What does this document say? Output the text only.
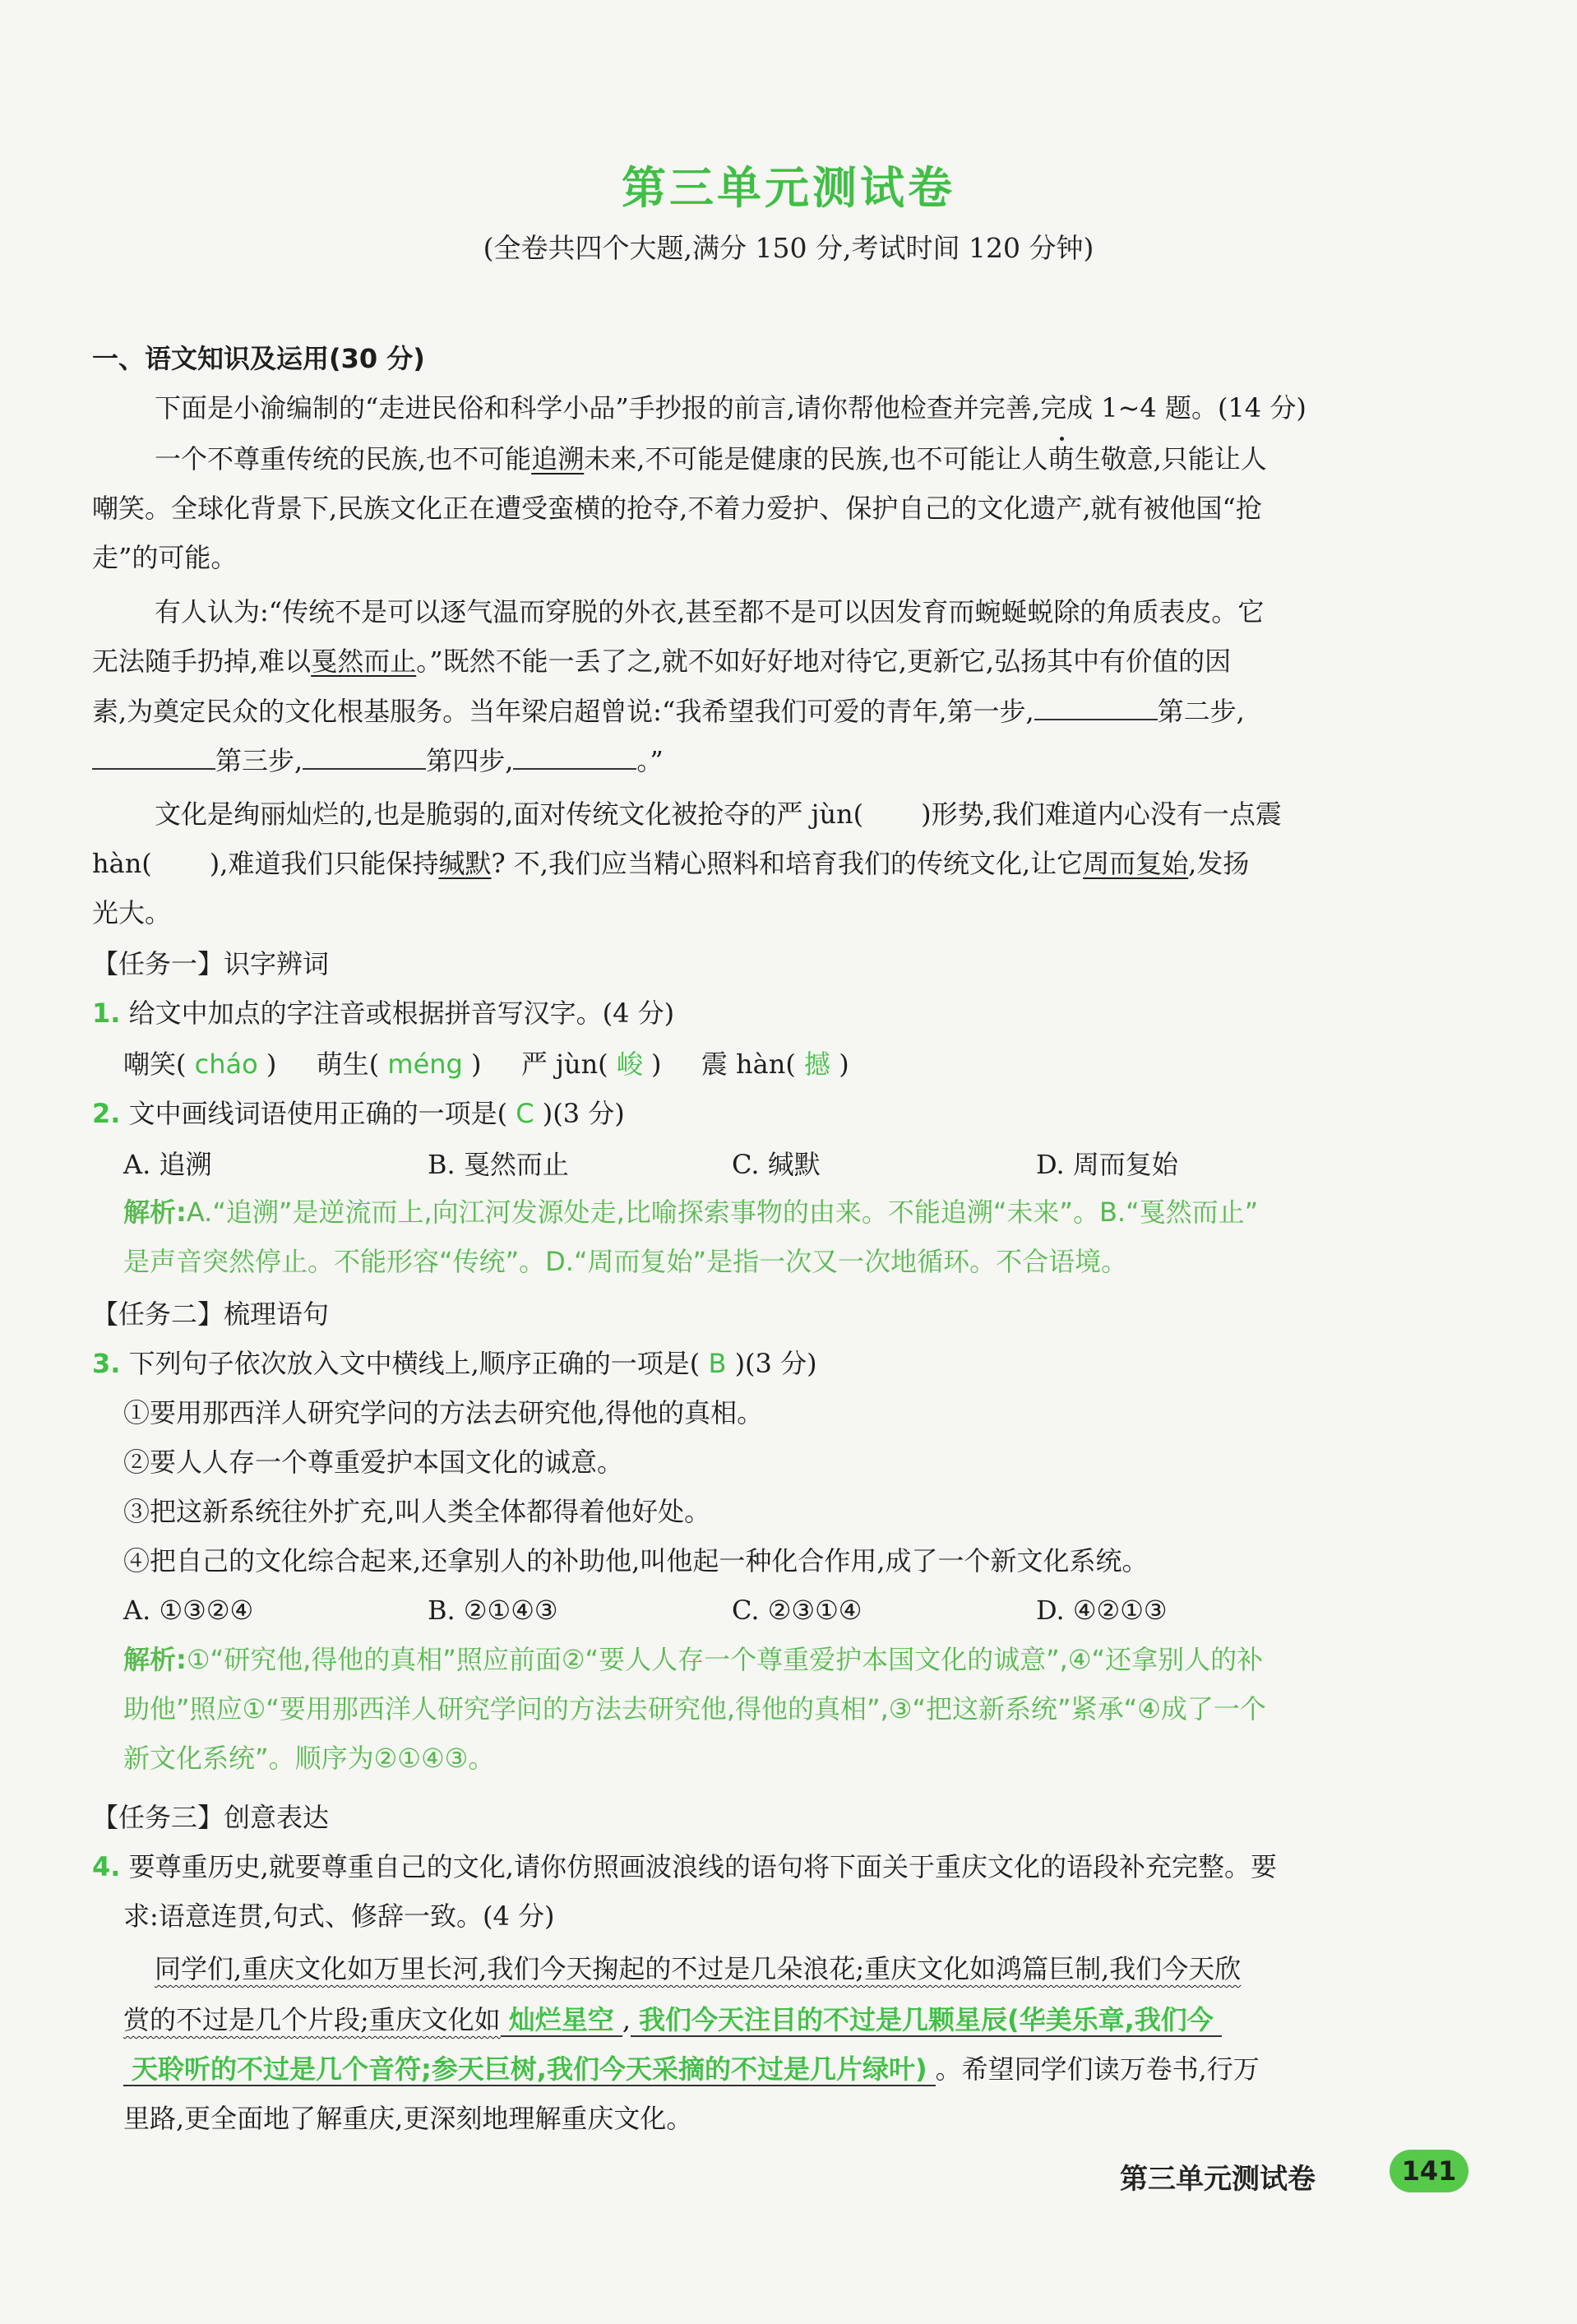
第三单元测试卷
(全卷共四个大题,满分 150 分,考试时间 120 分钟)
一、语文知识及运用(30 分)
下面是小渝编制的“走进民俗和科学小品”手抄报的前言,请你帮他检查并完善,完成 1~4 题。(14 分)
一个不尊重传统的民族,也不可能追溯未来,不可能是健康的民族,也不可能让人萌生敬意,只能让人
嘲笑。全球化背景下,民族文化正在遭受蛮横的抢夺,不着力爱护、保护自己的文化遗产,就有被他国“抢
走”的可能。
有人认为:“传统不是可以逐气温而穿脱的外衣,甚至都不是可以因发育而蜿蜒蜕除的角质表皮。它
无法随手扔掉,难以戛然而止。”既然不能一丢了之,就不如好好地对待它,更新它,弘扬其中有价值的因
素,为奠定民众的文化根基服务。当年梁启超曾说:“我希望我们可爱的青年,第一步,	第二步,
第三步,	第四步,	。”
文化是绚丽灿烂的,也是脆弱的,面对传统文化被抢夺的严 jùn( )形势,我们难道内心没有一点震
hàn( ),难道我们只能保持缄默? 不,我们应当精心照料和培育我们的传统文化,让它周而复始,发扬
光大。
【任务一】识字辨词
1. 给文中加点的字注音或根据拼音写汉字。(4 分)
嘲笑( cháo ) 萌生( méng ) 严 jùn( 峻 ) 震 hàn( 撼 )
2. 文中画线词语使用正确的一项是( C )(3 分)
A. 追溯	B. 戛然而止	C. 缄默	D. 周而复始
解析:A.“追溯”是逆流而上,向江河发源处走,比喻探索事物的由来。不能追溯“未来”。B.“戛然而止”
是声音突然停止。不能形容“传统”。D.“周而复始”是指一次又一次地循环。不合语境。
【任务二】梳理语句
3. 下列句子依次放入文中横线上,顺序正确的一项是( B )(3 分)
①要用那西洋人研究学问的方法去研究他,得他的真相。
②要人人存一个尊重爱护本国文化的诚意。
③把这新系统往外扩充,叫人类全体都得着他好处。
④把自己的文化综合起来,还拿别人的补助他,叫他起一种化合作用,成了一个新文化系统。
A. ①③②④	B. ②①④③	C. ②③①④	D. ④②①③
解析:①“研究他,得他的真相”照应前面②“要人人存一个尊重爱护本国文化的诚意”,④“还拿别人的补
助他”照应①“要用那西洋人研究学问的方法去研究他,得他的真相”,③“把这新系统”紧承“④成了一个
新文化系统”。顺序为②①④③。
【任务三】创意表达
4. 要尊重历史,就要尊重自己的文化,请你仿照画波浪线的语句将下面关于重庆文化的语段补充完整。要
求:语意连贯,句式、修辞一致。(4 分)
同学们,重庆文化如万里长河,我们今天掬起的不过是几朵浪花;重庆文化如鸿篇巨制,我们今天欣
赏的不过是几个片段;重庆文化如 灿烂星空 , 我们今天注目的不过是几颗星辰(华美乐章,我们今
天聆听的不过是几个音符;参天巨树,我们今天采摘的不过是几片绿叶) 。希望同学们读万卷书,行万
里路,更全面地了解重庆,更深刻地理解重庆文化。
第三单元测试卷	141
